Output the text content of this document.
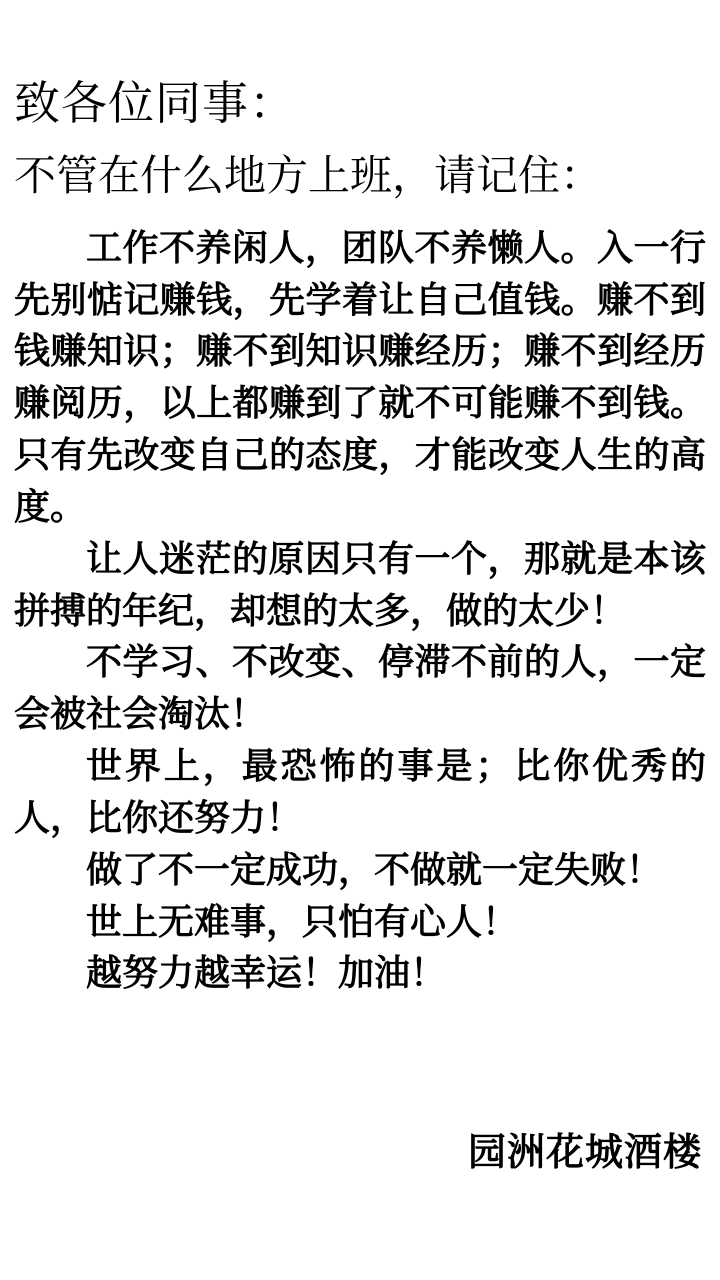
致各位同事：
不管在什么地方上班，请记住：

工作不养闲人，团队不养懒人。入一行先别惦记赚钱，先学着让自己值钱。赚不到钱赚知识；赚不到知识赚经历；赚不到经历赚阅历，以上都赚到了就不可能赚不到钱。只有先改变自己的态度，才能改变人生的高度。

让人迷茫的原因只有一个，那就是本该拼搏的年纪，却想的太多，做的太少！

不学习、不改变、停滞不前的人，一定会被社会淘汰！

世界上，最恐怖的事是；比你优秀的人，比你还努力！

做了不一定成功，不做就一定失败！

世上无难事，只怕有心人！

越努力越幸运！加油！

园洲花城酒楼
